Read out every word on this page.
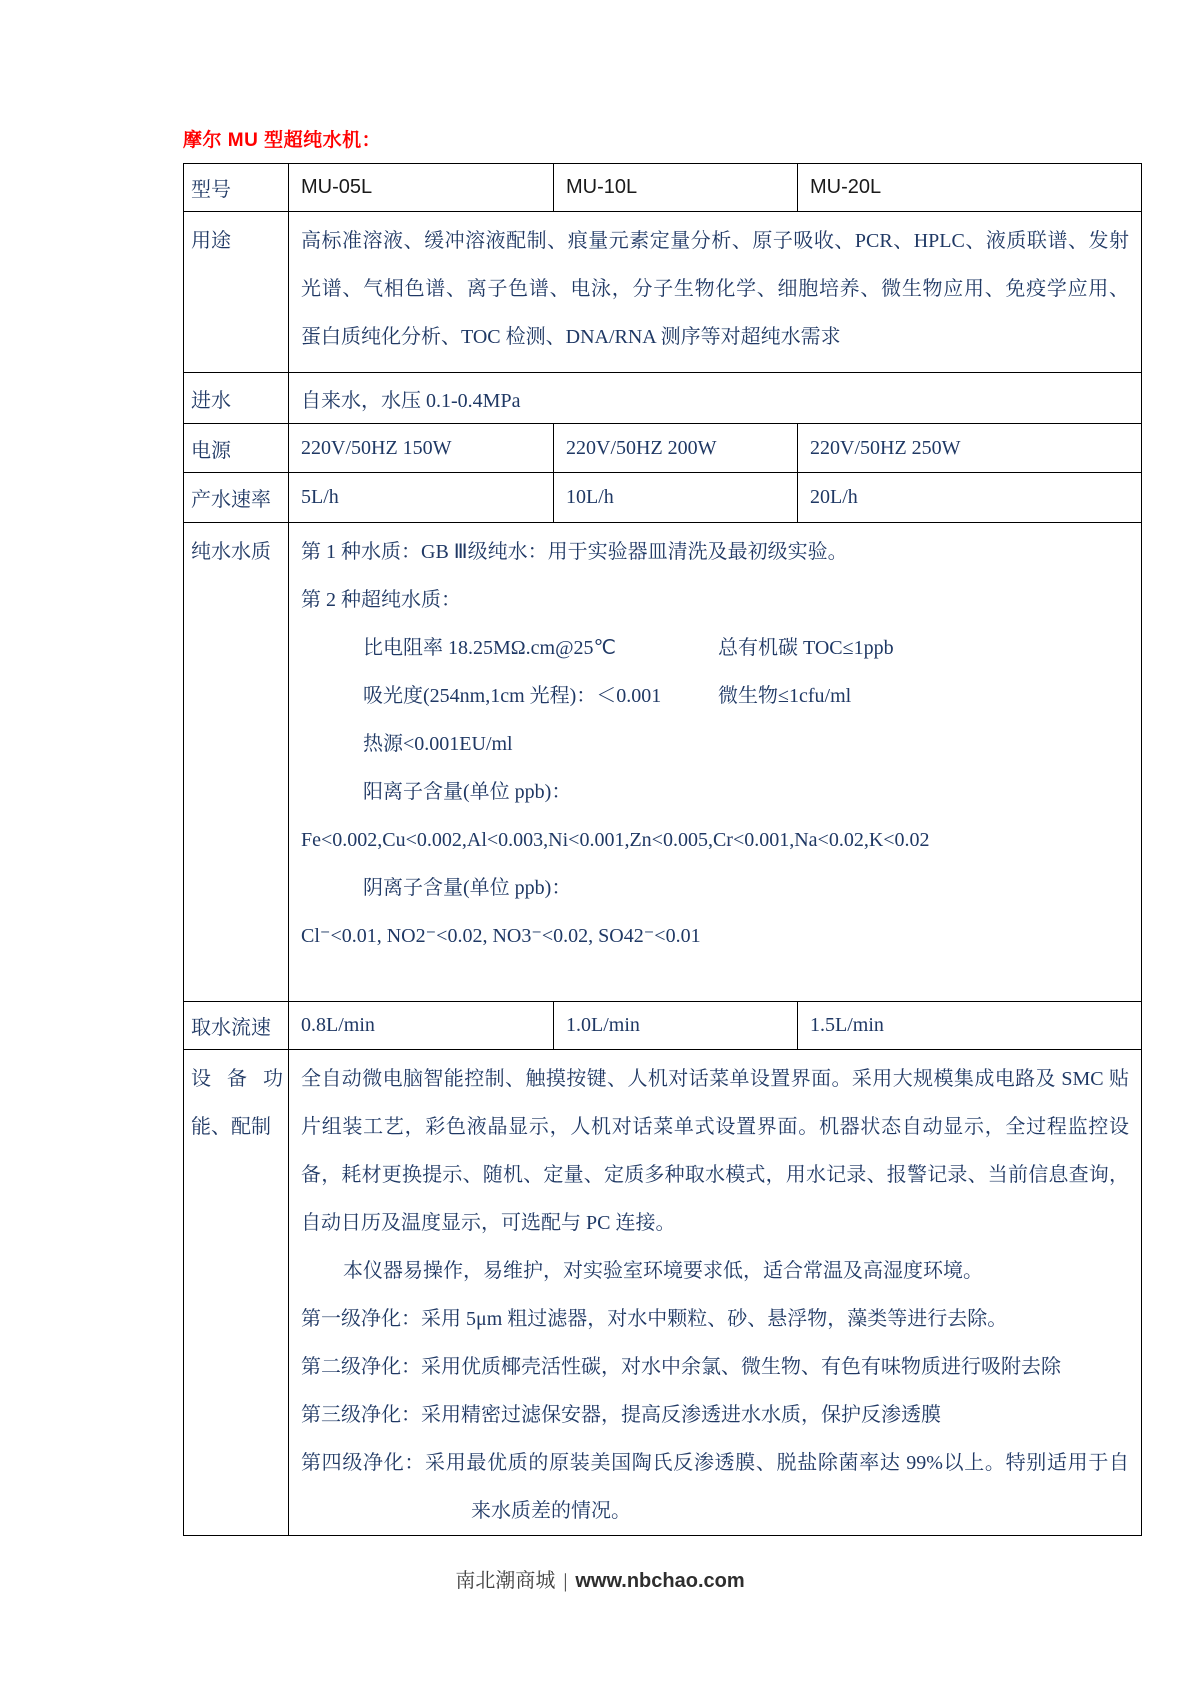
摩尔 MU 型超纯水机：
型号	MU-05L	MU-10L	MU-20L

用途	高标准溶液、缓冲溶液配制、痕量元素定量分析、原子吸收、PCR、HPLC、液质联谱、发射
光谱、气相色谱、离子色谱、电泳，分子生物化学、细胞培养、微生物应用、免疫学应用、
蛋白质纯化分析、TOC 检测、DNA/RNA 测序等对超纯水需求		

进水	自来水，水压 0.1-0.4MPa		
电源	220V/50HZ 150W	220V/50HZ 200W	220V/50HZ 250W
产水速率	5L/h	10L/h	20L/h

纯水水质	第 1 种水质：GB Ⅲ级纯水：用于实验器皿清洗及最初级实验。
第 2 种超纯水质：
比电阻率 18.25MΩ.cm@25℃	总有机碳 TOC≤1ppb
吸光度(254nm,1cm 光程)：＜0.001	微生物≤1cfu/ml
热源<0.001EU/ml
阳离子含量(单位 ppb)：
Fe<0.002,Cu<0.002,Al<0.003,Ni<0.001,Zn<0.005,Cr<0.001,Na<0.02,K<0.02
阴离子含量(单位 ppb)：
Cl⁻<0.01, NO2⁻<0.02, NO3⁻<0.02, SO42⁻<0.01

取水流速	0.8L/min	1.0L/min	1.5L/min

设 备 功
能、配制

全自动微电脑智能控制、触摸按键、人机对话菜单设置界面。采用大规模集成电路及 SMC 贴
片组装工艺，彩色液晶显示，人机对话菜单式设置界面。机器状态自动显示，全过程监控设
备，耗材更换提示、随机、定量、定质多种取水模式，用水记录、报警记录、当前信息查询，
自动日历及温度显示，可选配与 PC 连接。
本仪器易操作，易维护，对实验室环境要求低，适合常温及高湿度环境。
第一级净化：采用 5μm 粗过滤器，对水中颗粒、砂、悬浮物，藻类等进行去除。
第二级净化：采用优质椰壳活性碳，对水中余氯、微生物、有色有味物质进行吸附去除
第三级净化：采用精密过滤保安器，提高反渗透进水水质，保护反渗透膜
第四级净化：采用最优质的原装美国陶氏反渗透膜、脱盐除菌率达 99%以上。特别适用于自
来水质差的情况。
南北潮商城 | www.nbchao.com
